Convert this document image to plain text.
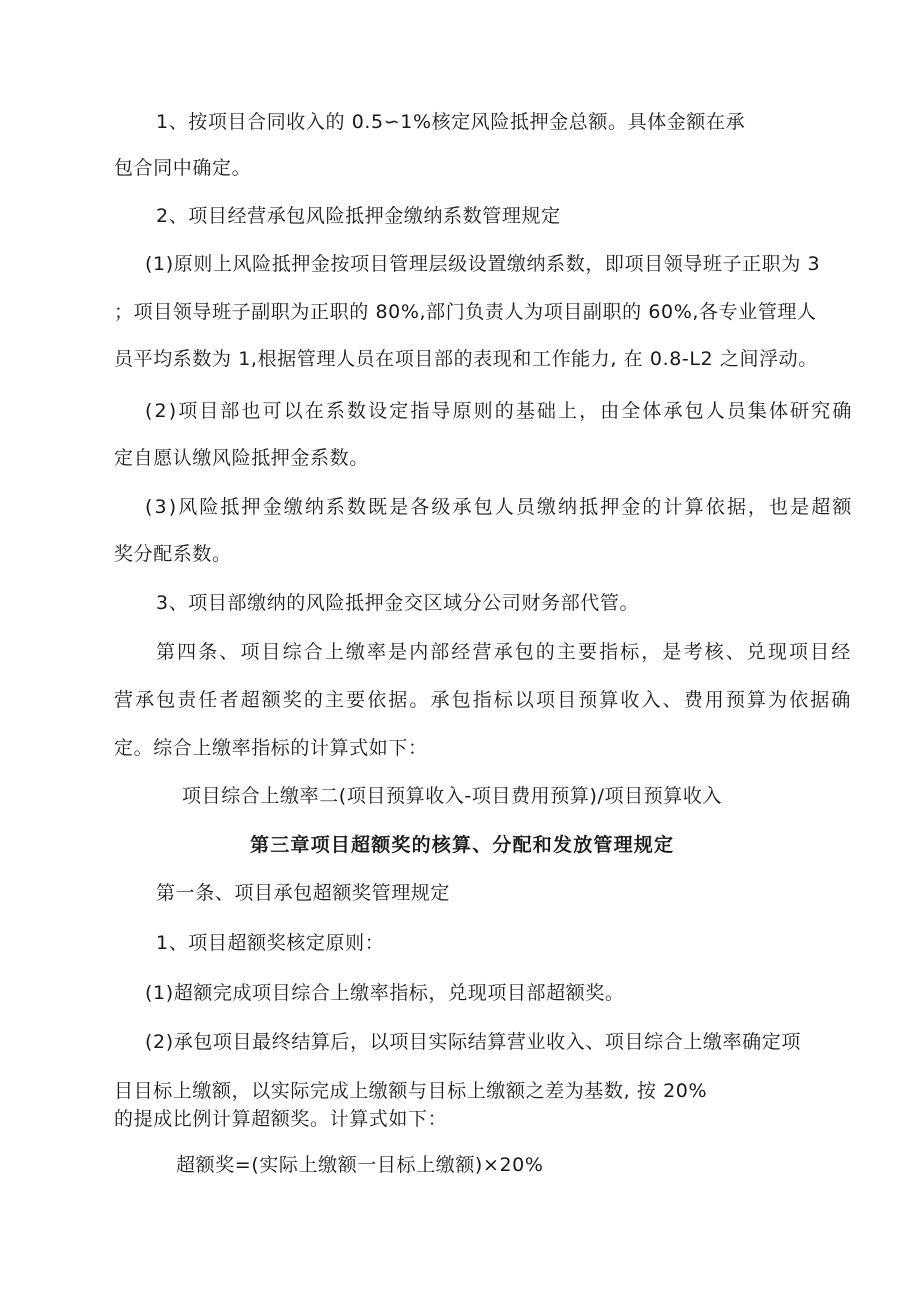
1、按项目合同收入的 0.5∽1%核定风险抵押金总额。具体金额在承
包合同中确定。
2、项目经营承包风险抵押金缴纳系数管理规定
(1)原则上风险抵押金按项目管理层级设置缴纳系数，即项目领导班子正职为 3
；项目领导班子副职为正职的 80%,部门负责人为项目副职的 60%,各专业管理人
员平均系数为 1,根据管理人员在项目部的表现和工作能力, 在 0.8-L2 之间浮动。
(2)项目部也可以在系数设定指导原则的基础上，由全体承包人员集体研究确
定自愿认缴风险抵押金系数。
(3)风险抵押金缴纳系数既是各级承包人员缴纳抵押金的计算依据，也是超额
奖分配系数。
3、项目部缴纳的风险抵押金交区域分公司财务部代管。
第四条、项目综合上缴率是内部经营承包的主要指标，是考核、兑现项目经
营承包责任者超额奖的主要依据。承包指标以项目预算收入、费用预算为依据确
定。综合上缴率指标的计算式如下：
项目综合上缴率二(项目预算收入-项目费用预算)/项目预算收入
第三章项目超额奖的核算、分配和发放管理规定
第一条、项目承包超额奖管理规定
1、项目超额奖核定原则：
(1)超额完成项目综合上缴率指标，兑现项目部超额奖。
(2)承包项目最终结算后，以项目实际结算营业收入、项目综合上缴率确定项
目目标上缴额，以实际完成上缴额与目标上缴额之差为基数, 按 20%
的提成比例计算超额奖。计算式如下：
超额奖=(实际上缴额一目标上缴额)×20%
